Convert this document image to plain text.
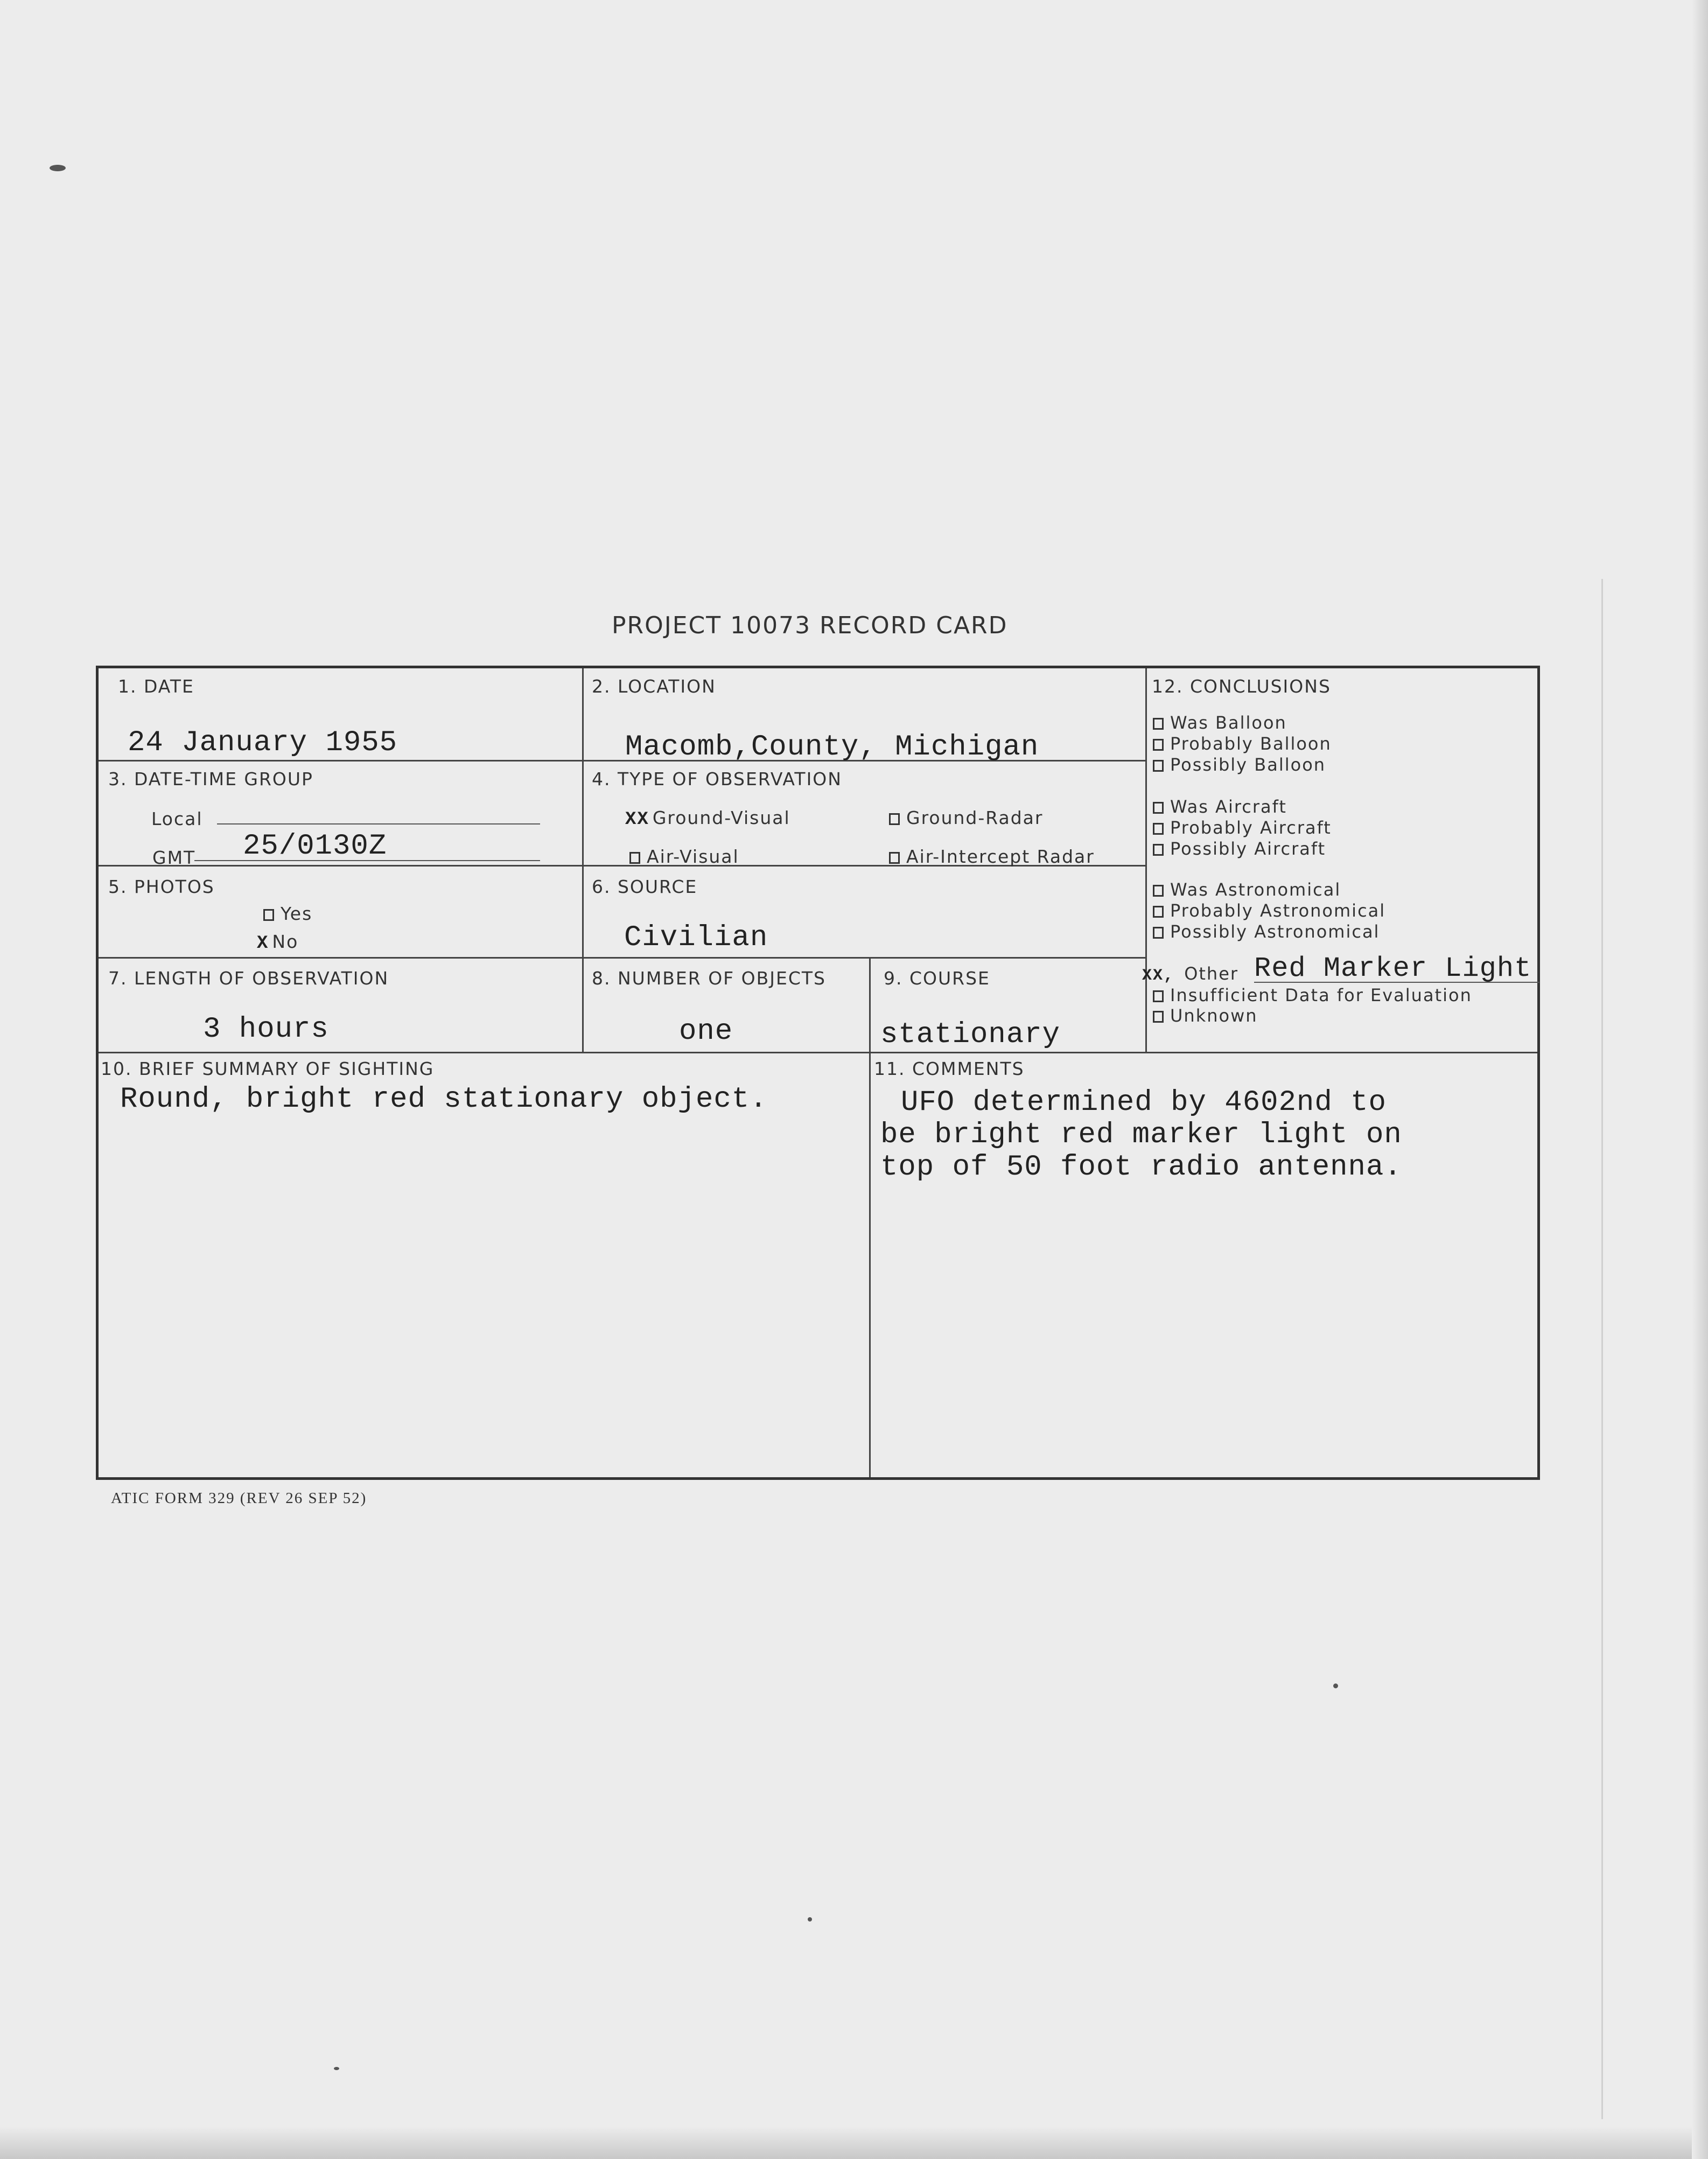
PROJECT 10073 RECORD CARD
1. DATE
24 January 1955
2. LOCATION
Macomb,County, Michigan
3. DATE-TIME GROUP
Local
GMT 25/0130Z
4. TYPE OF OBSERVATION
XX Ground-Visual	Ground-Radar
Air-Visual	Air-Intercept Radar
5. PHOTOS
Yes
X No
6. SOURCE
Civilian
7. LENGTH OF OBSERVATION
3 hours
8. NUMBER OF OBJECTS
one
9. COURSE
stationary
10. BRIEF SUMMARY OF SIGHTING
Round, bright red stationary object.
11. COMMENTS
UFO determined by 4602nd to
be bright red marker light on
top of 50 foot radio antenna.
12. CONCLUSIONS
Was Balloon
Probably Balloon
Possibly Balloon
Was Aircraft
Probably Aircraft
Possibly Aircraft
Was Astronomical
Probably Astronomical
Possibly Astronomical
XX, Other Red Marker Light
Insufficient Data for Evaluation
Unknown
ATIC FORM 329 (REV 26 SEP 52)
